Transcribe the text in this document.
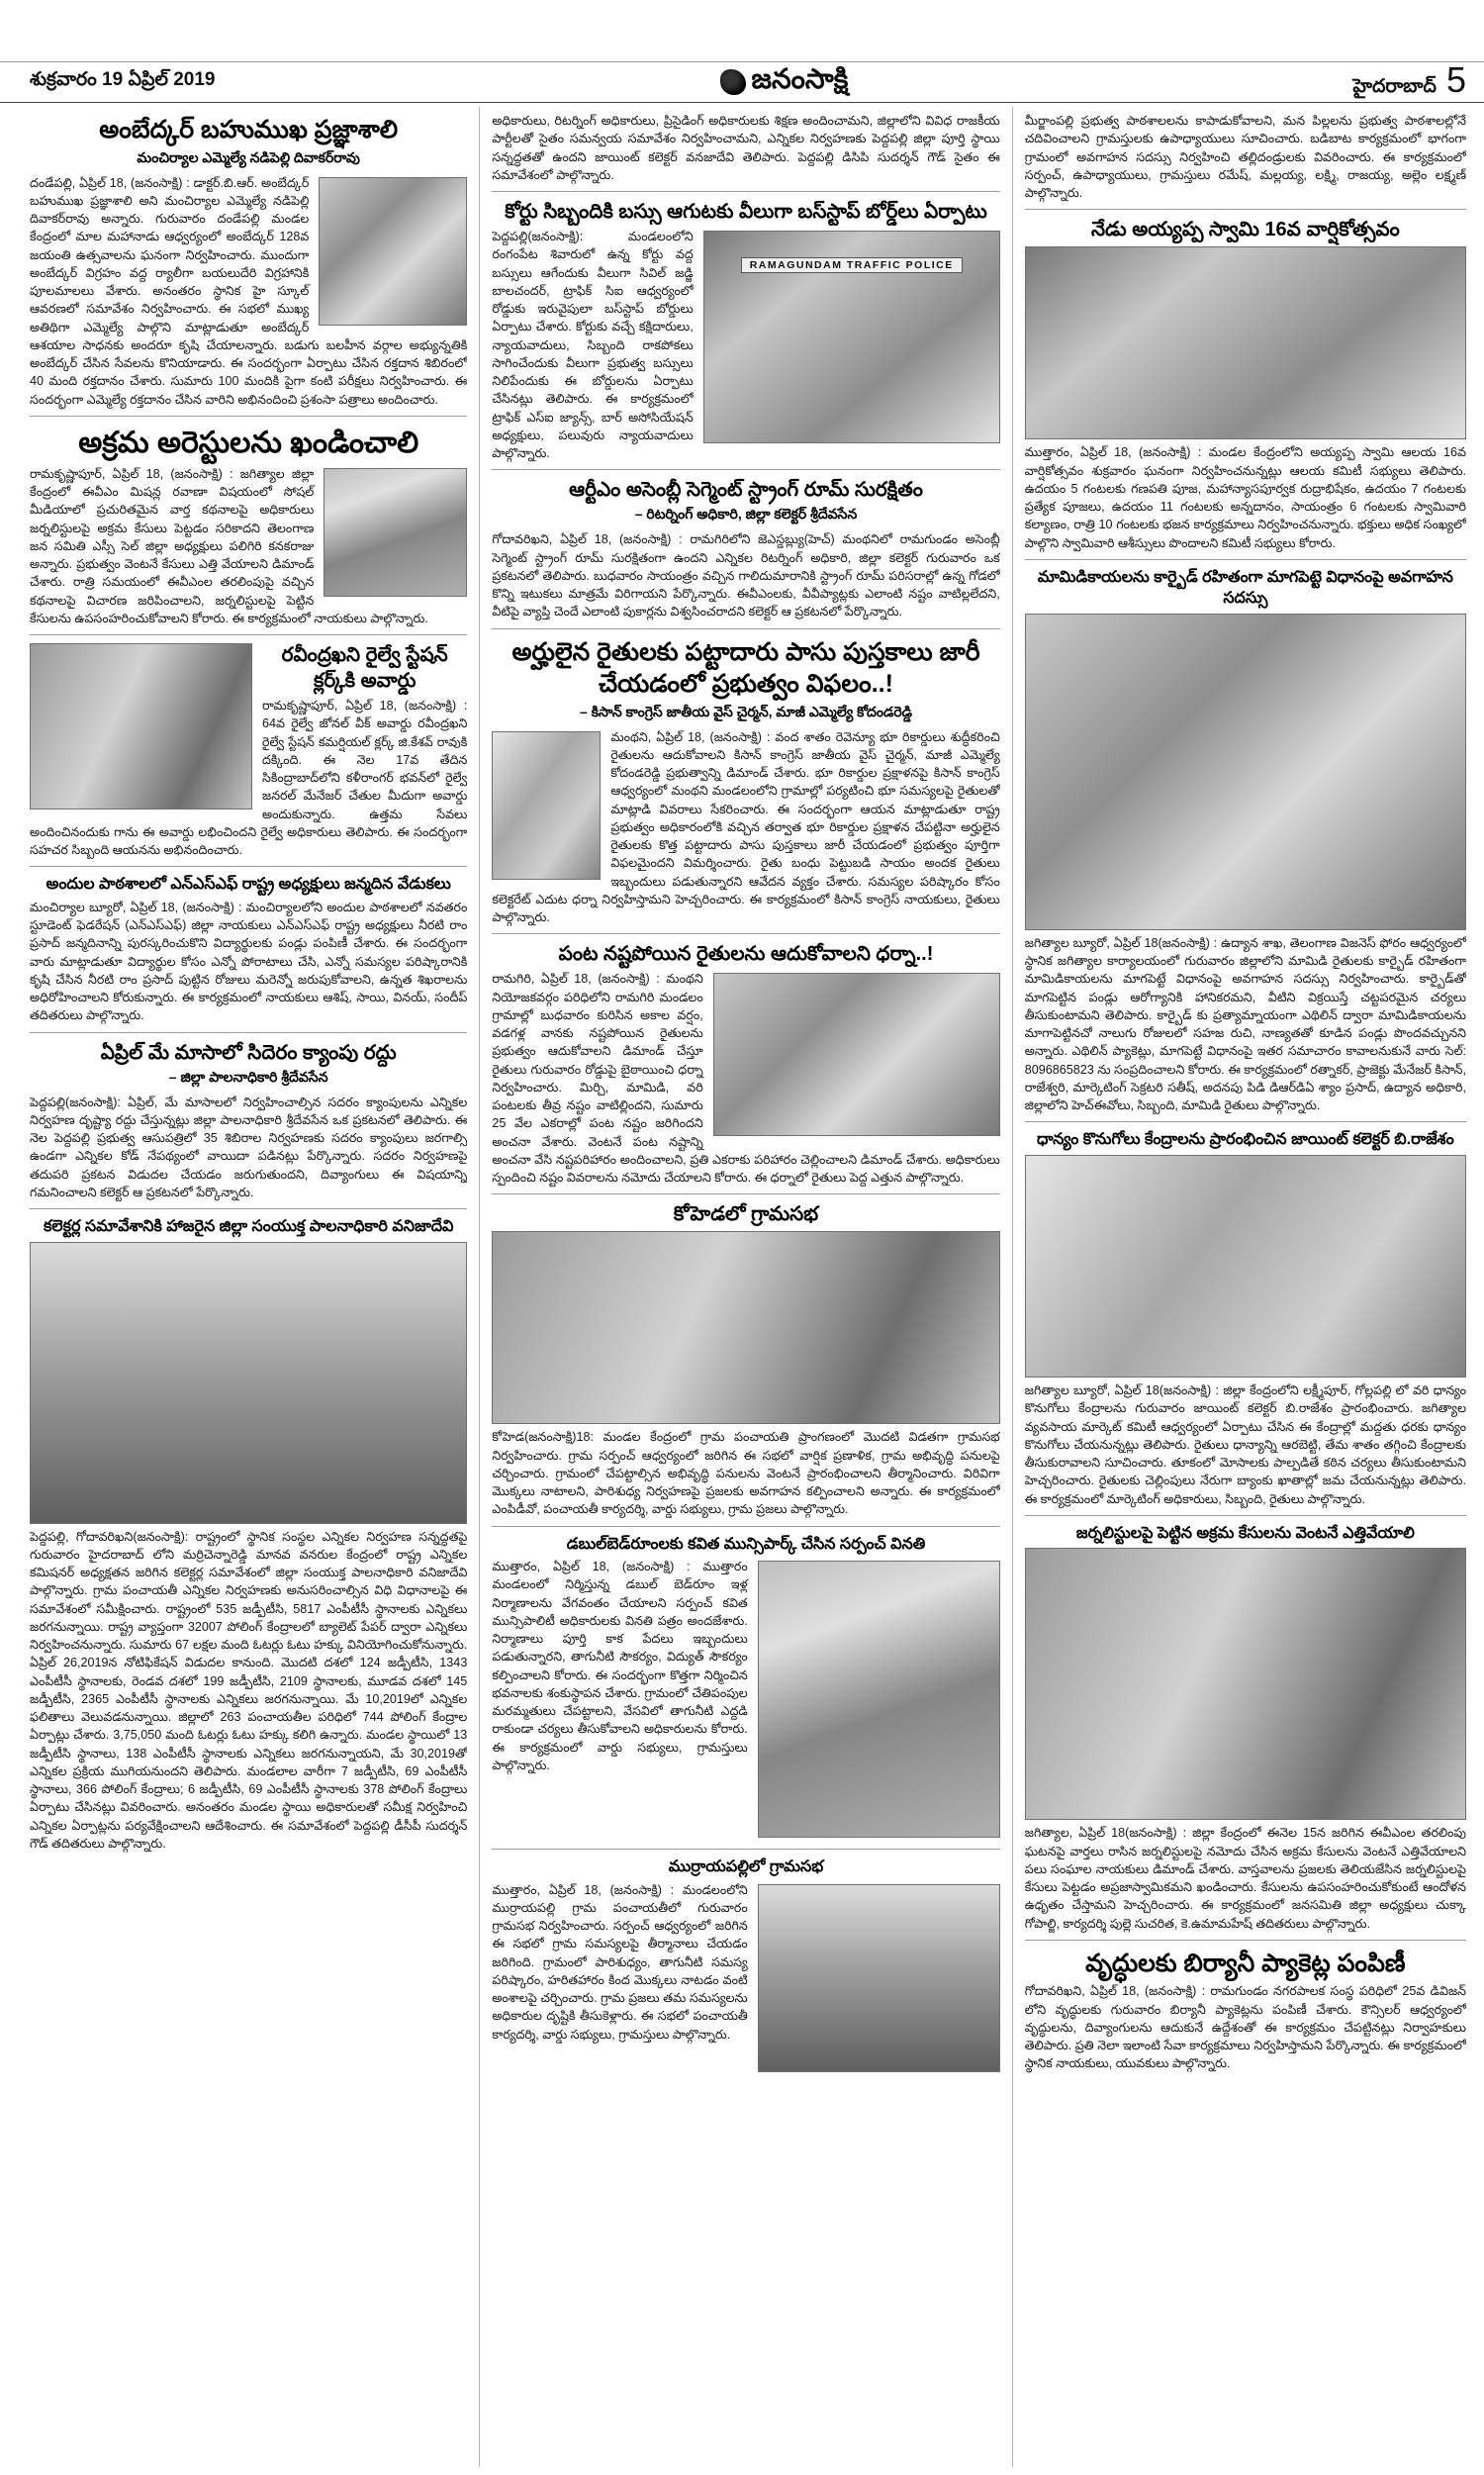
శుక్రవారం 19 ఏప్రిల్ 2019	జనంసాక్షి	హైదరాబాద్ 5
అంబేద్కర్ బహుముఖ ప్రజ్ఞాశాలి
మంచిర్యాల ఎమ్మెల్యే నడిపెల్లి దివాకర్‌రావు

దండేపల్లి, ఏప్రిల్ 18, (జనంసాక్షి) : డాక్టర్.బి.ఆర్. అంబేద్కర్ బహుముఖ ప్రజ్ఞాశాలి అని మంచిర్యాల ఎమ్మెల్యే నడిపెల్లి దివాకర్‌రావు అన్నారు. గురువారం దండేపల్లి మండల కేంద్రంలో మాల మహానాడు ఆధ్వర్యంలో అంబేద్కర్ 128వ జయంతి ఉత్సవాలను ఘనంగా నిర్వహించారు. ముందుగా అంబేద్కర్ విగ్రహం వద్ద ర్యాలీగా బయలుదేరి విగ్రహానికి పూలమాలలు వేశారు. అనంతరం స్థానిక హై స్కూల్ ఆవరణలో సమావేశం నిర్వహించారు. ఈ సభలో ముఖ్య అతిథిగా ఎమ్మెల్యే పాల్గొని మాట్లాడుతూ అంబేద్కర్ ఆశయాల సాధనకు అందరూ కృషి చేయాలన్నారు. బడుగు బలహీన వర్గాల అభ్యున్నతికి అంబేద్కర్ చేసిన సేవలను కొనియాడారు. ఈ సందర్భంగా ఏర్పాటు చేసిన రక్తదాన శిబిరంలో 40 మంది రక్తదానం చేశారు. సుమారు 100 మందికి పైగా కంటి పరీక్షలు నిర్వహించారు. ఈ సందర్భంగా ఎమ్మెల్యే రక్తదానం చేసిన వారిని అభినందించి ప్రశంసా పత్రాలు అందించారు.

అక్రమ అరెస్టులను ఖండించాలి

రామకృష్ణాపూర్, ఏప్రిల్ 18, (జనంసాక్షి) : జగిత్యాల జిల్లా కేంద్రంలో ఈవీఎం మిషన్ల రవాణా విషయంలో సోషల్ మీడియాలో ప్రచురితమైన వార్త కథనాలపై అధికారులు జర్నలిస్టులపై అక్రమ కేసులు పెట్టడం సరికాదని తెలంగాణ జన సమితి ఎస్సీ సెల్ జిల్లా అధ్యక్షులు పలిగిరి కనకరాజు అన్నారు. ప్రభుత్వం వెంటనే కేసులు ఎత్తి వేయాలని డిమాండ్ చేశారు. రాత్రి సమయంలో ఈవీఎంల తరలింపుపై వచ్చిన కథనాలపై విచారణ జరిపించాలని, జర్నలిస్టులపై పెట్టిన కేసులను ఉపసంహరించుకోవాలని కోరారు. ఈ కార్యక్రమంలో నాయకులు పాల్గొన్నారు.

రవీంద్రఖని రైల్వే స్టేషన్ క్లర్క్‌కి అవార్డు

రామకృష్ణాపూర్, ఏప్రిల్ 18, (జనంసాక్షి) : 64వ రైల్వే జోనల్ వీక్ అవార్డు రవీంద్రఖని రైల్వే స్టేషన్ కమర్షియల్ క్లర్క్ జి.కేశవ్ రావుకి దక్కింది. ఈ నెల 17వ తేదిన సికింద్రాబాద్‌లోని కళీరాంగర్ భవన్‌లో రైల్వే జనరల్ మేనేజర్ చేతుల మీదుగా అవార్డు అందుకున్నారు. ఉత్తమ సేవలు అందించినందుకు గాను ఈ అవార్డు లభించిందని రైల్వే అధికారులు తెలిపారు. ఈ సందర్భంగా సహచర సిబ్బంది ఆయనను అభినందించారు.

అందుల పాఠశాలలో ఎన్‌ఎస్‌ఎఫ్ రాష్ట్ర అధ్యక్షులు జన్మదిన వేడుకలు

మంచిర్యాల బ్యూరో, ఏప్రిల్ 18, (జనంసాక్షి) : మంచిర్యాలలోని అందుల పాఠశాలలో నవతరం స్టూడెంట్ ఫెడరేషన్ (ఎన్‌ఎస్‌ఎఫ్) జిల్లా నాయకులు ఎన్‌ఎస్‌ఎఫ్ రాష్ట్ర అధ్యక్షులు నీరటి రాం ప్రసాద్ జన్మదినాన్ని పురస్కరించుకొని విద్యార్థులకు పండ్లు పంపిణీ చేశారు. ఈ సందర్భంగా వారు మాట్లాడుతూ విద్యార్థుల కోసం ఎన్నో పోరాటాలు చేసి, ఎన్నో సమస్యల పరిష్కారానికి కృషి చేసిన నీరటి రాం ప్రసాద్ పుట్టిన రోజులు మరెన్నో జరుపుకోవాలని, ఉన్నత శిఖరాలను అధిరోహించాలని కోరుకున్నారు. ఈ కార్యక్రమంలో నాయకులు ఆశిష్, సాయి, వినయ్, సందీప్ తదితరులు పాల్గొన్నారు.

ఏప్రిల్ మే మాసాలో సిదెరం క్యాంపు రద్దు
– జిల్లా పాలనాధికారి శ్రీదేవసేన

పెద్దపల్లి(జనంసాక్షి): ఏప్రిల్, మే మాసాలలో నిర్వహించాల్సిన సదరం క్యాంపులను ఎన్నికల నిర్వహణ దృష్ట్యా రద్దు చేస్తున్నట్లు జిల్లా పాలనాధికారి శ్రీదేవసేన ఒక ప్రకటనలో తెలిపారు. ఈ నెల పెద్దపల్లి ప్రభుత్వ ఆసుపత్రిలో 35 శిబిరాల నిర్వహణకు సదరం క్యాంపులు జరగాల్సి ఉండగా ఎన్నికల కోడ్ నేపథ్యంలో వాయిదా పడినట్లు పేర్కొన్నారు. సదరం నిర్వహణపై తదుపరి ప్రకటన విడుదల చేయడం జరుగుతుందని, దివ్యాంగులు ఈ విషయాన్ని గమనించాలని కలెక్టర్ ఆ ప్రకటనలో పేర్కొన్నారు.

కలెక్టర్ల సమావేశానికి హాజరైన జిల్లా సంయుక్త పాలనాధికారి వనిజాదేవి

పెద్దపల్లి, గోదావరిఖని(జనంసాక్షి): రాష్ట్రంలో స్థానిక సంస్థల ఎన్నికల నిర్వహణ సన్నద్ధతపై గురువారం హైదరాబాద్ లోని మర్రిచెన్నారెడ్డి మానవ వనరుల కేంద్రంలో రాష్ట్ర ఎన్నికల కమిషనర్ అధ్యక్షతన జరిగిన కలెక్టర్ల సమావేశంలో జిల్లా సంయుక్త పాలనాధికారి వనిజాదేవి పాల్గొన్నారు. గ్రామ పంచాయతీ ఎన్నికల నిర్వహణకు అనుసరించాల్సిన విధి విధానాలపై ఈ సమావేశంలో సమీక్షించారు. రాష్ట్రంలో 535 జడ్పీటీసి, 5817 ఎంపీటీసీ స్థానాలకు ఎన్నికలు జరగనున్నాయి. రాష్ట్ర వ్యాప్తంగా 32007 పోలింగ్ కేంద్రాలలో బ్యాలెట్ పేపర్ ద్వారా ఎన్నికలు నిర్వహించనున్నారు. సుమారు 67 లక్షల మంది ఓటర్లు ఓటు హక్కు వినియోగించుకోనున్నారు. ఏప్రిల్ 26,2019న నోటిఫికేషన్ విడుదల కానుంది. మొదటి దశలో 124 జడ్పీటీసి, 1343 ఎంపీటీసీ స్థానాలకు, రెండవ దశలో 199 జడ్పీటీసి, 2109 స్థానాలకు, మూడవ దశలో 145 జడ్పీటీసి, 2365 ఎంపీటీసీ స్థానాలకు ఎన్నికలు జరగనున్నాయి. మే 10,2019లో ఎన్నికల ఫలితాలు వెలువడనున్నాయి. జిల్లాలో 263 పంచాయతీల పరిధిలో 744 పోలింగ్ కేంద్రాల ఏర్పాట్లు చేశారు. 3,75,050 మంది ఓటర్లు ఓటు హక్కు కలిగి ఉన్నారు. మండల స్థాయిలో 13 జడ్పీటీసి స్థానాలు, 138 ఎంపీటీసీ స్థానాలకు ఎన్నికలు జరగనున్నాయని, మే 30,2019తో ఎన్నికల ప్రక్రియ ముగియనుందని తెలిపారు. మండలాల వారీగా 7 జడ్పీటీసి, 69 ఎంపీటీసీ స్థానాలు, 366 పోలింగ్ కేంద్రాలు; 6 జడ్పీటీసి, 69 ఎంపీటీసీ స్థానాలకు 378 పోలింగ్ కేంద్రాలు ఏర్పాటు చేసినట్లు వివరించారు. అనంతరం మండల స్థాయి అధికారులతో సమీక్ష నిర్వహించి ఎన్నికల ఏర్పాట్లను పర్యవేక్షించాలని ఆదేశించారు. ఈ సమావేశంలో పెద్దపల్లి డీసీపీ సుదర్శన్ గౌడ్ తదితరులు పాల్గొన్నారు.

అధికారులు, రిటర్నింగ్ అధికారులు, ప్రిసైడింగ్ అధికారులకు శిక్షణ అందించామని, జిల్లాలోని వివిధ రాజకీయ పార్టీలతో సైతం సమన్వయ సమావేశం నిర్వహించామని, ఎన్నికల నిర్వహణకు పెద్దపల్లి జిల్లా పూర్తి స్థాయి సన్నద్ధతతో ఉందని జాయింట్ కలెక్టర్ వనజాదేవి తెలిపారు. పెద్దపల్లి డిసిపి సుదర్శన్ గౌడ్ సైతం ఈ సమావేశంలో పాల్గొన్నారు.

కోర్టు సిబ్బందికి బస్సు ఆగుటకు వీలుగా బస్‌స్టాప్ బోర్డ్‌లు ఏర్పాటు
RAMAGUNDAM TRAFFIC POLICE

పెద్దపల్లి(జనంసాక్షి): మండలంలోని రంగంపేట శివారులో ఉన్న కోర్టు వద్ద బస్సులు ఆగేందుకు వీలుగా సివిల్ జడ్జి బాలచందర్, ట్రాఫిక్ సిఐ ఆధ్వర్యంలో రోడ్డుకు ఇరువైపులా బస్‌స్టాప్ బోర్డులు ఏర్పాటు చేశారు. కోర్టుకు వచ్చే కక్షిదారులు, న్యాయవాదులు, సిబ్బంది రాకపోకలు సాగించేందుకు వీలుగా ప్రభుత్వ బస్సులు నిలిపేందుకు ఈ బోర్డులను ఏర్పాటు చేసినట్లు తెలిపారు. ఈ కార్యక్రమంలో ట్రాఫిక్ ఎస్ఐ జ్యాన్స్, బార్ అసోసియేషన్ అధ్యక్షులు, పలువురు న్యాయవాదులు పాల్గొన్నారు.

ఆర్టీఎం అసెంబ్లీ సెగ్మెంట్ స్ట్రాంగ్ రూమ్ సురక్షితం
– రిటర్నింగ్ అధికారి, జిల్లా కలెక్టర్ శ్రీదేవసేన

గోదావరిఖని, ఏప్రిల్ 18, (జనంసాక్షి) : రామగిరిలోని జెఎస్డబ్ల్యు(హెచ్) మంథనిలో రామగుండం అసెంబ్లీ సెగ్మెంట్ స్ట్రాంగ్ రూమ్ సురక్షితంగా ఉందని ఎన్నికల రిటర్నింగ్ అధికారి, జిల్లా కలెక్టర్ గురువారం ఒక ప్రకటనలో తెలిపారు. బుధవారం సాయంత్రం వచ్చిన గాలిదుమారానికి స్ట్రాంగ్ రూమ్ పరిసరాల్లో ఉన్న గోడలో కొన్ని ఇటుకలు మాత్రమే విరిగాయని పేర్కొన్నారు. ఈవీఎంలకు, వీవీప్యాట్లకు ఎలాంటి నష్టం వాటిల్లలేదని, వీటిపై వ్యాప్తి చెందే ఎలాంటి పుకార్లను విశ్వసించరాదని కలెక్టర్ ఆ ప్రకటనలో పేర్కొన్నారు.

అర్హులైన రైతులకు పట్టాదారు పాసు పుస్తకాలు జారీ చేయడంలో ప్రభుత్వం విఫలం..!
– కిసాన్ కాంగ్రెస్ జాతీయ వైస్ చైర్మన్, మాజీ ఎమ్మెల్యే కోదండరెడ్డి

మంథని, ఏప్రిల్ 18, (జనంసాక్షి) : వంద శాతం రెవెన్యూ భూ రికార్డులు శుద్ధీకరించి రైతులను ఆదుకోవాలని కిసాన్ కాంగ్రెస్ జాతీయ వైస్ చైర్మన్, మాజీ ఎమ్మెల్యే కోదండరెడ్డి ప్రభుత్వాన్ని డిమాండ్ చేశారు. భూ రికార్డుల ప్రక్షాళనపై కిసాన్ కాంగ్రెస్ ఆధ్వర్యంలో మంథని మండలంలోని గ్రామాల్లో పర్యటించి భూ సమస్యలపై రైతులతో మాట్లాడి వివరాలు సేకరించారు. ఈ సందర్భంగా ఆయన మాట్లాడుతూ రాష్ట్ర ప్రభుత్వం అధికారంలోకి వచ్చిన తర్వాత భూ రికార్డుల ప్రక్షాళన చేపట్టినా అర్హులైన రైతులకు కొత్త పట్టాదారు పాసు పుస్తకాలు జారీ చేయడంలో ప్రభుత్వం పూర్తిగా విఫలమైందని విమర్శించారు. రైతు బంధు పెట్టుబడి సాయం అందక రైతులు ఇబ్బందులు పడుతున్నారని ఆవేదన వ్యక్తం చేశారు. సమస్యల పరిష్కారం కోసం కలెక్టరేట్ ఎదుట ధర్నా నిర్వహిస్తామని హెచ్చరించారు. ఈ కార్యక్రమంలో కిసాన్ కాంగ్రెస్ నాయకులు, రైతులు పాల్గొన్నారు.

పంట నష్టపోయిన రైతులను ఆదుకోవాలని ధర్నా..!

రామగిరి, ఏప్రిల్ 18, (జనంసాక్షి) : మంథని నియోజకవర్గం పరిధిలోని రామగిరి మండలం గ్రామాల్లో బుధవారం కురిసిన అకాల వర్షం, వడగళ్ల వానకు నష్టపోయిన రైతులను ప్రభుత్వం ఆదుకోవాలని డిమాండ్ చేస్తూ రైతులు గురువారం రోడ్డుపై బైఠాయించి ధర్నా నిర్వహించారు. మిర్చి, మామిడి, వరి పంటలకు తీవ్ర నష్టం వాటిల్లిందని, సుమారు 25 వేల ఎకరాల్లో పంట నష్టం జరిగిందని అంచనా వేశారు. వెంటనే పంట నష్టాన్ని అంచనా వేసి నష్టపరిహారం అందించాలని, ప్రతి ఎకరాకు పరిహారం చెల్లించాలని డిమాండ్ చేశారు. అధికారులు స్పందించి నష్టం వివరాలను నమోదు చేయాలని కోరారు. ఈ ధర్నాలో రైతులు పెద్ద ఎత్తున పాల్గొన్నారు.

కోహెడలో గ్రామసభ

కోహెడ(జనంసాక్షి)18: మండల కేంద్రంలో గ్రామ పంచాయతి ప్రాంగణంలో మొదటి విడతగా గ్రామసభ నిర్వహించారు. గ్రామ సర్పంచ్ ఆధ్వర్యంలో జరిగిన ఈ సభలో వార్షిక ప్రణాళిక, గ్రామ అభివృద్ధి పనులపై చర్చించారు. గ్రామంలో చేపట్టాల్సిన అభివృద్ధి పనులను వెంటనే ప్రారంభించాలని తీర్మానించారు. విరివిగా మొక్కలు నాటాలని, పారిశుధ్య నిర్వహణపై ప్రజలకు అవగాహన కల్పించాలని అన్నారు. ఈ కార్యక్రమంలో ఎంపిడీవో, పంచాయతీ కార్యదర్శి, వార్డు సభ్యులు, గ్రామ ప్రజలు పాల్గొన్నారు.

డబుల్‌బెడ్‌రూంలకు కవిత మున్సిపార్క్ చేసిన సర్పంచ్ వినతి

ముత్తారం, ఏప్రిల్ 18, (జనంసాక్షి) : ముత్తారం మండలంలో నిర్మిస్తున్న డబుల్ బెడ్‌రూం ఇళ్ల నిర్మాణాలను వేగవంతం చేయాలని సర్పంచ్ కవిత మున్సిపాలిటీ అధికారులకు వినతి పత్రం అందజేశారు. నిర్మాణాలు పూర్తి కాక పేదలు ఇబ్బందులు పడుతున్నారని, తాగునీటి సౌకర్యం, విద్యుత్ సౌకర్యం కల్పించాలని కోరారు. ఈ సందర్భంగా కొత్తగా నిర్మించిన భవనాలకు శంకుస్థాపన చేశారు. గ్రామంలో చేతిపంపుల మరమ్మతులు చేపట్టాలని, వేసవిలో తాగునీటి ఎద్దడి రాకుండా చర్యలు తీసుకోవాలని అధికారులను కోరారు. ఈ కార్యక్రమంలో వార్డు సభ్యులు, గ్రామస్తులు పాల్గొన్నారు.

ముర్రాయపల్లిలో గ్రామసభ

ముత్తారం, ఏప్రిల్ 18, (జనంసాక్షి) : మండలంలోని ముర్రాయపల్లి గ్రామ పంచాయతీలో గురువారం గ్రామసభ నిర్వహించారు. సర్పంచ్ ఆధ్వర్యంలో జరిగిన ఈ సభలో గ్రామ సమస్యలపై తీర్మానాలు చేయడం జరిగింది. గ్రామంలో పారిశుధ్యం, తాగునీటి సమస్య పరిష్కారం, హరితహారం కింద మొక్కలు నాటడం వంటి అంశాలపై చర్చించారు. గ్రామ ప్రజలు తమ సమస్యలను అధికారుల దృష్టికి తీసుకెళ్లారు. ఈ సభలో పంచాయతీ కార్యదర్శి, వార్డు సభ్యులు, గ్రామస్తులు పాల్గొన్నారు.

మీర్జాంపల్లి ప్రభుత్వ పాఠశాలలను కాపాడుకోవాలని, మన పిల్లలను ప్రభుత్వ పాఠశాలల్లోనే చదివించాలని గ్రామస్తులకు ఉపాధ్యాయులు సూచించారు. బడిబాట కార్యక్రమంలో భాగంగా గ్రామంలో అవగాహన సదస్సు నిర్వహించి తల్లిదండ్రులకు వివరించారు. ఈ కార్యక్రమంలో సర్పంచ్, ఉపాధ్యాయులు, గ్రామస్తులు రమేష్, మల్లయ్య, లక్ష్మి, రాజయ్య, అల్లెం లక్ష్మణ్ పాల్గొన్నారు.

నేడు అయ్యప్ప స్వామి 16వ వార్షికోత్సవం

ముత్తారం, ఏప్రిల్ 18, (జనంసాక్షి) : మండల కేంద్రంలోని అయ్యప్ప స్వామి ఆలయ 16వ వార్షికోత్సవం శుక్రవారం ఘనంగా నిర్వహించనున్నట్లు ఆలయ కమిటీ సభ్యులు తెలిపారు. ఉదయం 5 గంటలకు గణపతి పూజ, మహాన్యాసపూర్వక రుద్రాభిషేకం, ఉదయం 7 గంటలకు ప్రత్యేక పూజలు, ఉదయం 11 గంటలకు అన్నదానం, సాయంత్రం 6 గంటలకు స్వామివారి కల్యాణం, రాత్రి 10 గంటలకు భజన కార్యక్రమాలు నిర్వహించనున్నారు. భక్తులు అధిక సంఖ్యలో పాల్గొని స్వామివారి ఆశీస్సులు పొందాలని కమిటీ సభ్యులు కోరారు.

మామిడికాయలను కార్బైడ్ రహితంగా మాగపెట్టె విధానంపై అవగాహన సదస్సు

జగిత్యాల బ్యూరో, ఏప్రిల్ 18(జనంసాక్షి) : ఉద్యాన శాఖ, తెలంగాణ విజనెస్ ఫోరం ఆధ్వర్యంలో స్థానిక జగిత్యాల కార్యాలయంలో గురువారం జిల్లాలోని మామిడి రైతులకు కార్బైడ్ రహితంగా మామిడికాయలను మాగపెట్టే విధానంపై అవగాహన సదస్సు నిర్వహించారు. కార్బైడ్‌తో మాగపెట్టిన పండ్లు ఆరోగ్యానికి హానికరమని, వీటిని విక్రయిస్తే చట్టపరమైన చర్యలు తీసుకుంటామని తెలిపారు. కార్బైడ్ కు ప్రత్యామ్నాయంగా ఎథిలిన్ ద్వారా మామిడికాయలను మాగాపెట్టినచో నాలుగు రోజులలో సహజ రుచి, నాణ్యతతో కూడిన పండ్లు పొందవచ్చునని అన్నారు. ఎథిలిన్ ప్యాకెట్లు, మాగపెట్టే విధానంపై ఇతర సమాచారం కావాలనుకునే వారు సెల్: 8096865823 ను సంప్రదించాలని కోరారు. ఈ కార్యక్రమంలో రత్నాకర్, ప్రాజెక్టు మేనేజర్ కిసాన్, రాజేశ్వరి, మార్కెటింగ్ సెక్రటరి సతీష్, అదనపు పిడి డిఆర్‌డిఏ శ్యాం ప్రసాద్, ఉద్యాన అధికారి, జిల్లాలోని హెచ్ఈవోలు, సిబ్బంది, మామిడి రైతులు పాల్గొన్నారు.

ధాన్యం కొనుగోలు కేంద్రాలను ప్రారంభించిన జాయింట్ కలెక్టర్ బి.రాజేశం

జగిత్యాల బ్యూరో, ఏప్రిల్ 18(జనంసాక్షి) : జిల్లా కేంద్రంలోని లక్ష్మీపూర్, గోల్లపల్లి లో వరి ధాన్యం కొనుగోలు కేంద్రాలను గురువారం జాయింట్ కలెక్టర్ బి.రాజేశం ప్రారంభించారు. జగిత్యాల వ్యవసాయ మార్కెట్ కమిటీ ఆధ్వర్యంలో ఏర్పాటు చేసిన ఈ కేంద్రాల్లో మద్దతు ధరకు ధాన్యం కొనుగోలు చేయనున్నట్లు తెలిపారు. రైతులు ధాన్యాన్ని ఆరబెట్టి, తేమ శాతం తగ్గించి కేంద్రాలకు తీసుకురావాలని సూచించారు. తూకంలో మోసాలకు పాల్పడితే కఠిన చర్యలు తీసుకుంటామని హెచ్చరించారు. రైతులకు చెల్లింపులు నేరుగా బ్యాంకు ఖాతాల్లో జమ చేయనున్నట్లు తెలిపారు. ఈ కార్యక్రమంలో మార్కెటింగ్ అధికారులు, సిబ్బంది, రైతులు పాల్గొన్నారు.

జర్నలిస్టులపై పెట్టిన అక్రమ కేసులను వెంటనే ఎత్తివేయాలి

జగిత్యాల, ఏప్రిల్ 18(జనంసాక్షి) : జిల్లా కేంద్రంలో ఈనెల 15న జరిగిన ఈవీఎంల తరలింపు ఘటనపై వార్తలు రాసిన జర్నలిస్టులపై నమోదు చేసిన అక్రమ కేసులను వెంటనే ఎత్తివేయాలని పలు సంఘాల నాయకులు డిమాండ్ చేశారు. వాస్తవాలను ప్రజలకు తెలియజేసిన జర్నలిస్టులపై కేసులు పెట్టడం అప్రజాస్వామికమని ఖండించారు. కేసులను ఉపసంహరించుకోకుంటే ఆందోళన ఉధృతం చేస్తామని హెచ్చరించారు. ఈ కార్యక్రమంలో జనసమితి జిల్లా అధ్యక్షులు చుక్కా గోపాల్జి, కార్యదర్శి పుల్లె సుచరిత, కె.ఉమామహేష్ తదితరులు పాల్గొన్నారు.

వృద్ధులకు బిర్యానీ ప్యాకెట్ల పంపిణీ

గోదావరిఖని, ఏప్రిల్ 18, (జనంసాక్షి) : రామగుండం నగరపాలక సంస్థ పరిధిలో 25వ డివిజన్ లోని వృద్ధులకు గురువారం బిర్యానీ ప్యాకెట్లను పంపిణీ చేశారు. కౌన్సిలర్ ఆధ్వర్యంలో వృద్ధులను, దివ్యాంగులను ఆదుకునే ఉద్దేశంతో ఈ కార్యక్రమం చేపట్టినట్లు నిర్వాహకులు తెలిపారు. ప్రతి నెలా ఇలాంటి సేవా కార్యక్రమాలు నిర్వహిస్తామని పేర్కొన్నారు. ఈ కార్యక్రమంలో స్థానిక నాయకులు, యువకులు పాల్గొన్నారు.
